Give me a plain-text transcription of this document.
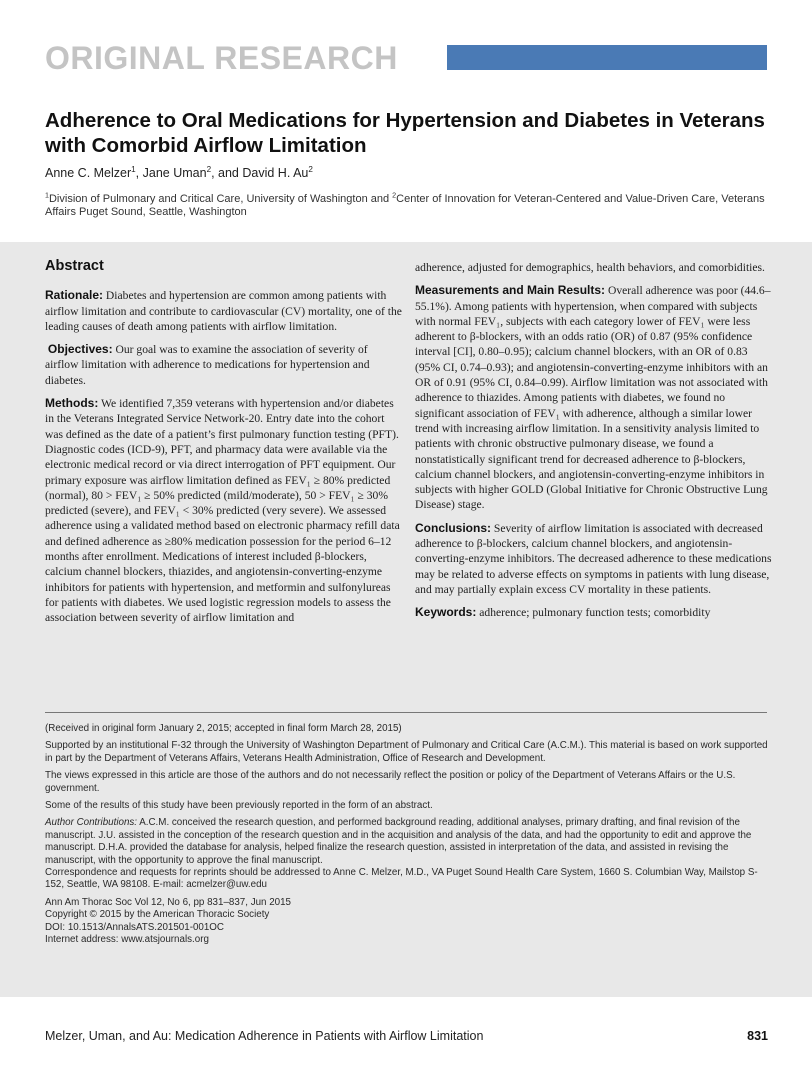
ORIGINAL RESEARCH
Adherence to Oral Medications for Hypertension and Diabetes in Veterans with Comorbid Airflow Limitation
Anne C. Melzer$^1$, Jane Uman$^2$, and David H. Au$^2$
$^1$Division of Pulmonary and Critical Care, University of Washington and $^2$Center of Innovation for Veteran-Centered and Value-Driven Care, Veterans Affairs Puget Sound, Seattle, Washington
Abstract

Rationale: Diabetes and hypertension are common among patients with airflow limitation and contribute to cardiovascular (CV) mortality, one of the leading causes of death among patients with airflow limitation.

Objectives: Our goal was to examine the association of severity of airflow limitation with adherence to medications for hypertension and diabetes.

Methods: We identified 7,359 veterans with hypertension and/or diabetes in the Veterans Integrated Service Network-20. Entry date into the cohort was defined as the date of a patient’s first pulmonary function testing (PFT). Diagnostic codes (ICD-9), PFT, and pharmacy data were available via the electronic medical record or via direct interrogation of PFT equipment. Our primary exposure was airflow limitation defined as FEV₁ ≥ 80% predicted (normal), 80 > FEV₁ ≥ 50% predicted (mild/moderate), 50 > FEV₁ ≥ 30% predicted (severe), and FEV₁ < 30% predicted (very severe). We assessed adherence using a validated method based on electronic pharmacy refill data and defined adherence as ≥80% medication possession for the period 6–12 months after enrollment. Medications of interest included β-blockers, calcium channel blockers, thiazides, and angiotensin-converting-enzyme inhibitors for patients with hypertension, and metformin and sulfonylureas for patients with diabetes. We used logistic regression models to assess the association between severity of airflow limitation and

adherence, adjusted for demographics, health behaviors, and comorbidities.

Measurements and Main Results: Overall adherence was poor (44.6–55.1%). Among patients with hypertension, when compared with subjects with normal FEV₁, subjects with each category lower of FEV₁ were less adherent to β-blockers, with an odds ratio (OR) of 0.87 (95% confidence interval [CI], 0.80–0.95); calcium channel blockers, with an OR of 0.83 (95% CI, 0.74–0.93); and angiotensin-converting-enzyme inhibitors with an OR of 0.91 (95% CI, 0.84–0.99). Airflow limitation was not associated with adherence to thiazides. Among patients with diabetes, we found no significant association of FEV₁ with adherence, although a similar lower trend with increasing airflow limitation. In a sensitivity analysis limited to patients with chronic obstructive pulmonary disease, we found a nonstatistically significant trend for decreased adherence to β-blockers, calcium channel blockers, and angiotensin-converting-enzyme inhibitors in subjects with higher GOLD (Global Initiative for Chronic Obstructive Lung Disease) stage.

Conclusions: Severity of airflow limitation is associated with decreased adherence to β-blockers, calcium channel blockers, and angiotensin-converting-enzyme inhibitors. The decreased adherence to these medications may be related to adverse effects on symptoms in patients with lung disease, and may partially explain excess CV mortality in these patients.

Keywords: adherence; pulmonary function tests; comorbidity

(Received in original form January 2, 2015; accepted in final form March 28, 2015)

Supported by an institutional F-32 through the University of Washington Department of Pulmonary and Critical Care (A.C.M.). This material is based on work supported in part by the Department of Veterans Affairs, Veterans Health Administration, Office of Research and Development.

The views expressed in this article are those of the authors and do not necessarily reflect the position or policy of the Department of Veterans Affairs or the U.S. government.

Some of the results of this study have been previously reported in the form of an abstract.

Author Contributions: A.C.M. conceived the research question, and performed background reading, additional analyses, primary drafting, and final revision of the manuscript. J.U. assisted in the conception of the research question and in the acquisition and analysis of the data, and had the opportunity to edit and approve the manuscript. D.H.A. provided the database for analysis, helped finalize the research question, assisted in interpretation of the data, and assisted in revising the manuscript, with the opportunity to approve the final manuscript.

Correspondence and requests for reprints should be addressed to Anne C. Melzer, M.D., VA Puget Sound Health Care System, 1660 S. Columbian Way, Mailstop S-152, Seattle, WA 98108. E-mail: acmelzer@uw.edu

Ann Am Thorac Soc Vol 12, No 6, pp 831–837, Jun 2015

Copyright © 2015 by the American Thoracic Society

DOI: 10.1513/AnnalsATS.201501-001OC

Internet address: www.atsjournals.org

Melzer, Uman, and Au: Medication Adherence in Patients with Airflow Limitation	831
